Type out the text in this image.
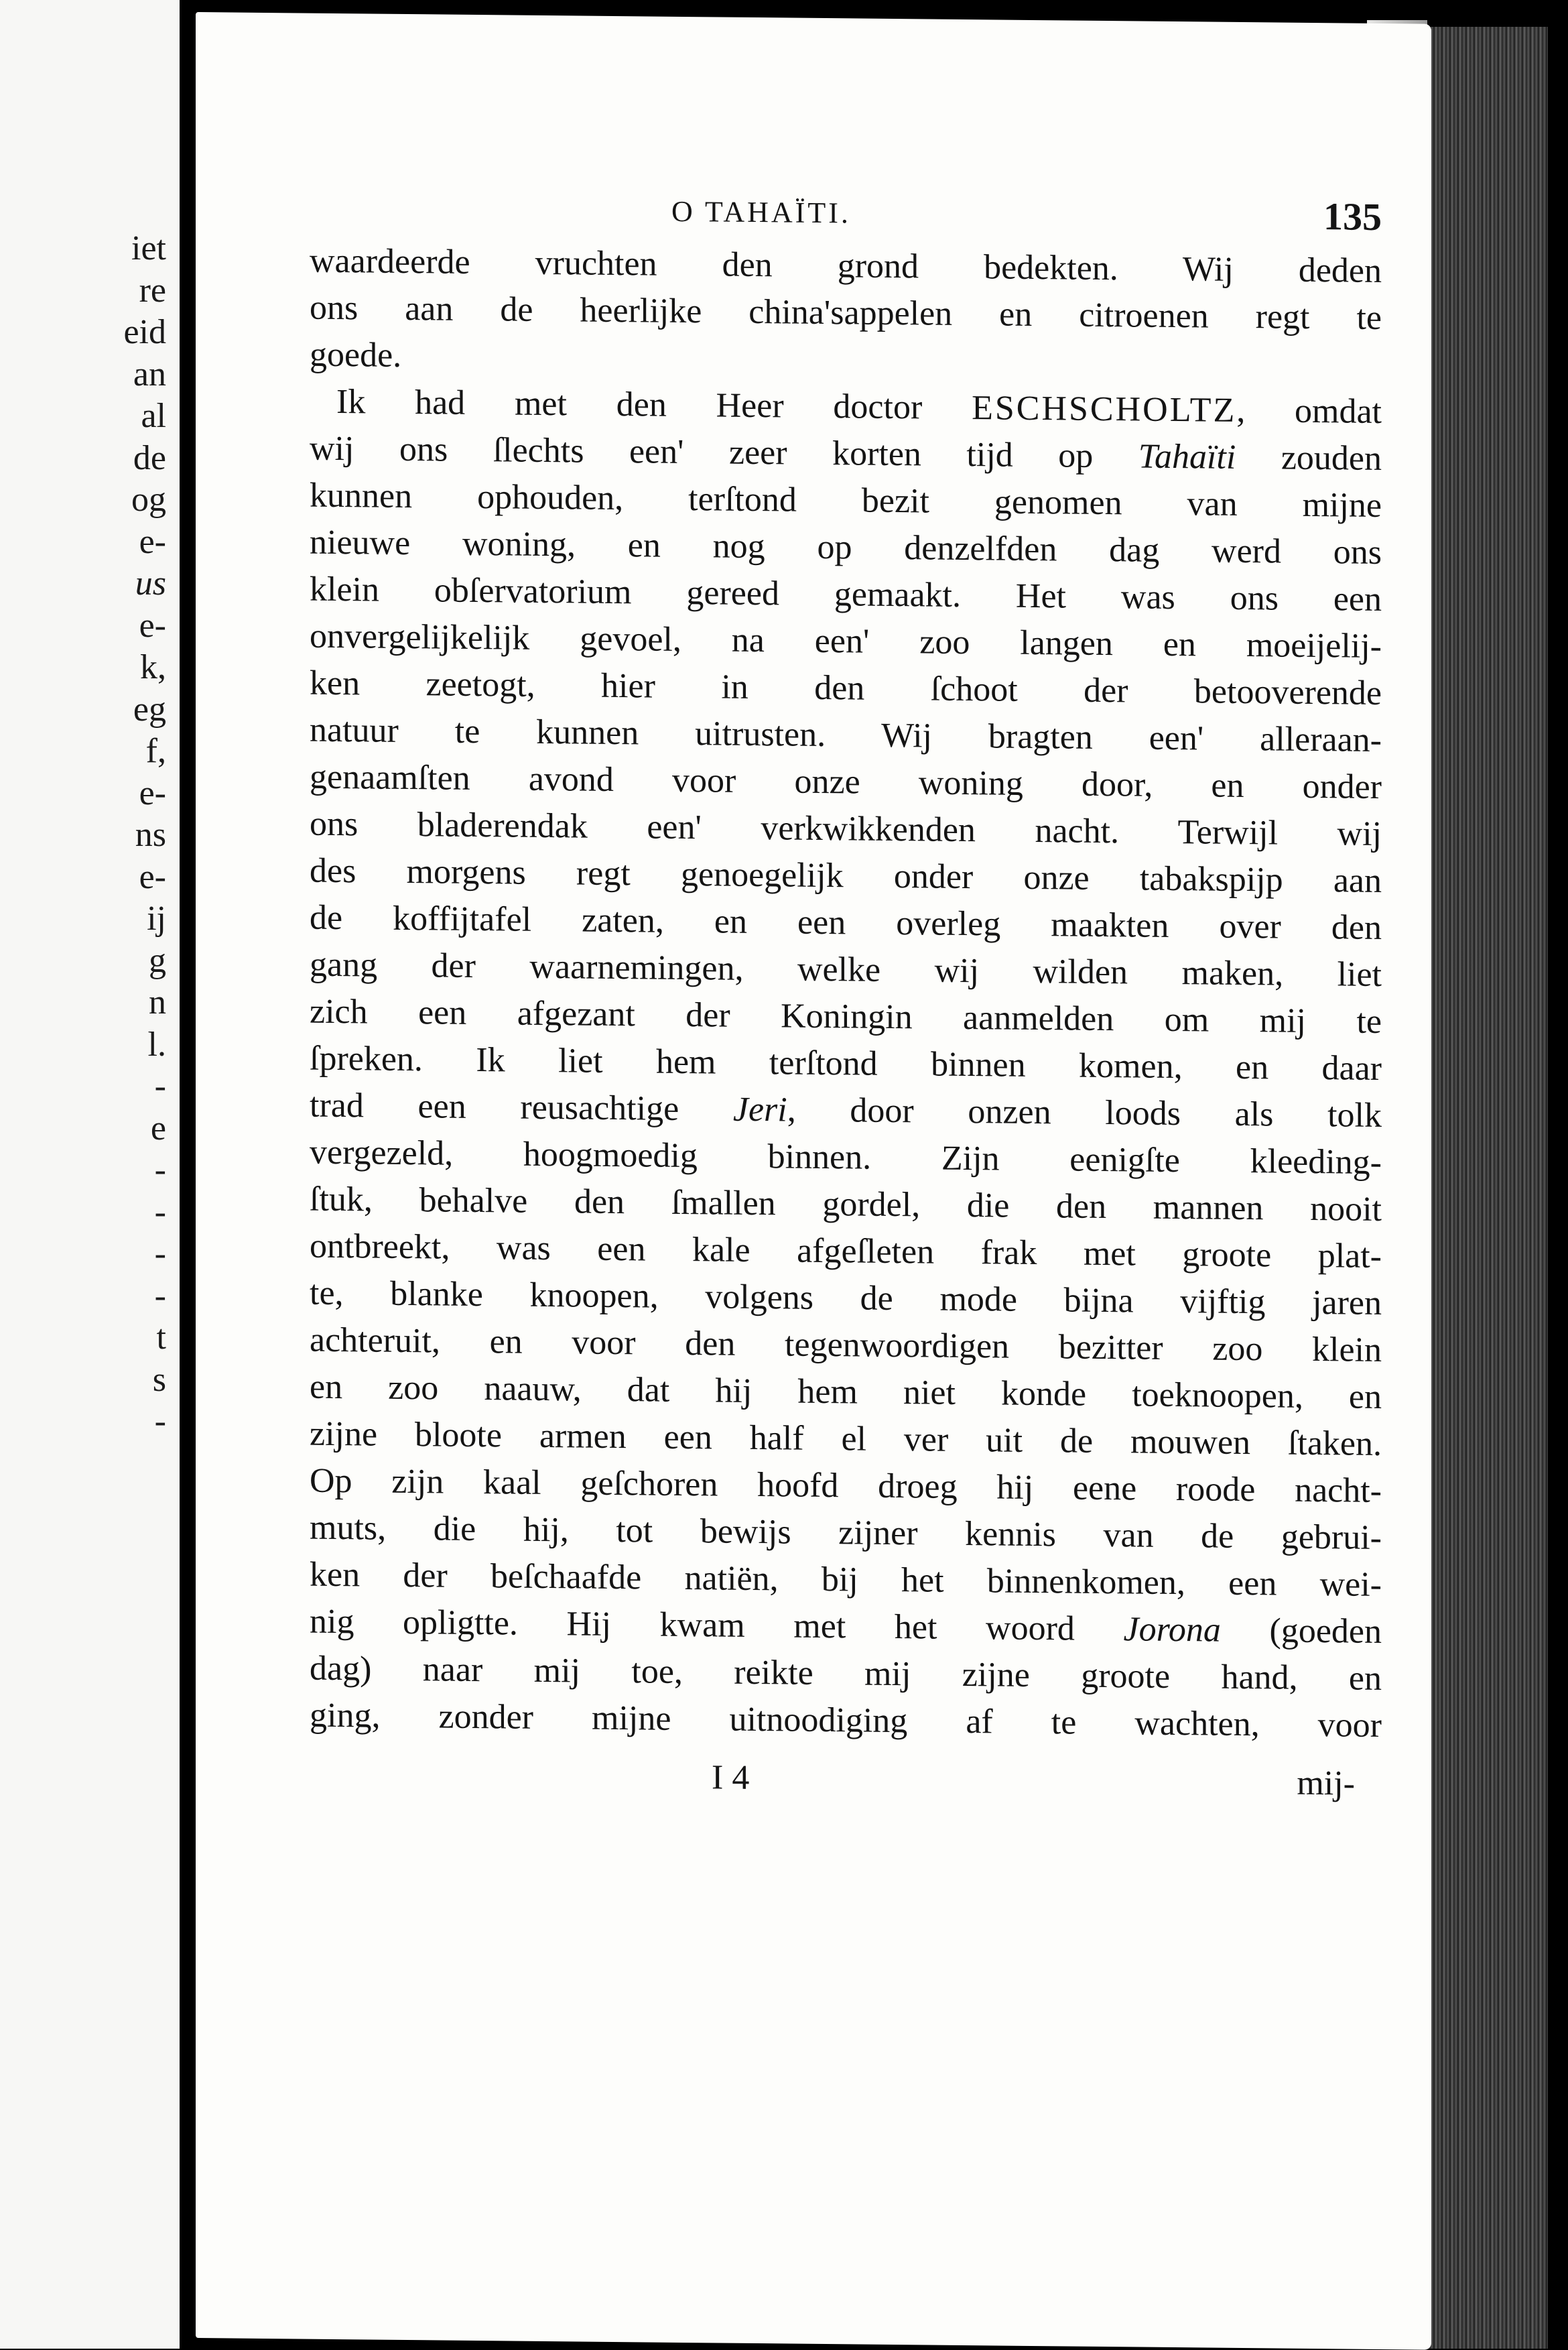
iet
re
eid
an
al
de
og
e-
us
e-
k,
eg
f,
e-
ns
e-
ij
g
n
l.
-
e
-
-
-
-
t
s
-
O TAHAÏTI.	135
waardeerde vruchten den grond bedekten. Wij deden
ons aan de heerlijke china'sappelen en citroenen regt te
goede.
Ik had met den Heer doctor ESCHSCHOLTZ, omdat
wij ons ſlechts een' zeer korten tijd op Tahaïti zouden
kunnen ophouden, terſtond bezit genomen van mijne
nieuwe woning, en nog op denzelfden dag werd ons
klein obſervatorium gereed gemaakt. Het was ons een
onvergelijkelijk gevoel, na een' zoo langen en moeijelij-
ken zeetogt, hier in den ſchoot der betooverende
natuur te kunnen uitrusten. Wij bragten een' alleraan-
genaamſten avond voor onze woning door, en onder
ons bladerendak een' verkwikkenden nacht. Terwijl wij
des morgens regt genoegelijk onder onze tabakspijp aan
de koffijtafel zaten, en een overleg maakten over den
gang der waarnemingen, welke wij wilden maken, liet
zich een afgezant der Koningin aanmelden om mij te
ſpreken. Ik liet hem terſtond binnen komen, en daar
trad een reusachtige Jeri, door onzen loods als tolk
vergezeld, hoogmoedig binnen. Zijn eenigſte kleeding-
ſtuk, behalve den ſmallen gordel, die den mannen nooit
ontbreekt, was een kale afgeſleten frak met groote plat-
te, blanke knoopen, volgens de mode bijna vijftig jaren
achteruit, en voor den tegenwoordigen bezitter zoo klein
en zoo naauw, dat hij hem niet konde toeknoopen, en
zijne bloote armen een half el ver uit de mouwen ſtaken.
Op zijn kaal geſchoren hoofd droeg hij eene roode nacht-
muts, die hij, tot bewijs zijner kennis van de gebrui-
ken der beſchaafde natiën, bij het binnenkomen, een wei-
nig opligtte. Hij kwam met het woord Jorona (goeden
dag) naar mij toe, reikte mij zijne groote hand, en
ging, zonder mijne uitnoodiging af te wachten, voor
I 4	mij-
